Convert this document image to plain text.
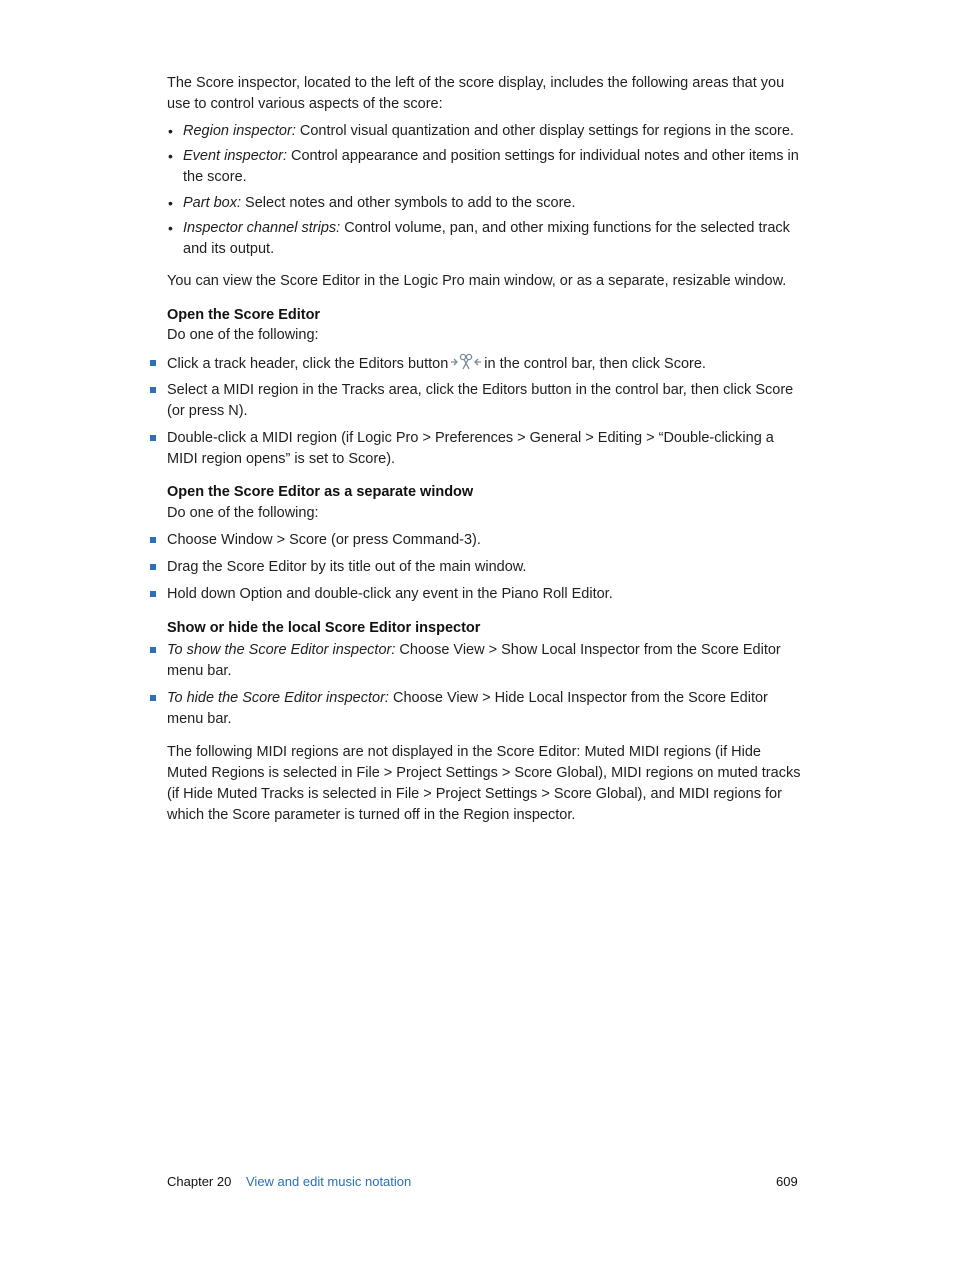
The Score inspector, located to the left of the score display, includes the following areas that you use to control various aspects of the score:

• Region inspector: Control visual quantization and other display settings for regions in the score.

• Event inspector: Control appearance and position settings for individual notes and other items in the score.

• Part box: Select notes and other symbols to add to the score.

• Inspector channel strips: Control volume, pan, and other mixing functions for the selected track and its output.

You can view the Score Editor in the Logic Pro main window, or as a separate, resizable window.

Open the Score Editor

Do one of the following:

Click a track header, click the Editors button in the control bar, then click Score.

Select a MIDI region in the Tracks area, click the Editors button in the control bar, then click Score (or press N).

Double-click a MIDI region (if Logic Pro > Preferences > General > Editing > “Double-clicking a MIDI region opens” is set to Score).

Open the Score Editor as a separate window

Do one of the following:

Choose Window > Score (or press Command-3).

Drag the Score Editor by its title out of the main window.

Hold down Option and double-click any event in the Piano Roll Editor.

Show or hide the local Score Editor inspector

To show the Score Editor inspector: Choose View > Show Local Inspector from the Score Editor menu bar.

To hide the Score Editor inspector: Choose View > Hide Local Inspector from the Score Editor menu bar.

The following MIDI regions are not displayed in the Score Editor: Muted MIDI regions (if Hide Muted Regions is selected in File > Project Settings > Score Global), MIDI regions on muted tracks (if Hide Muted Tracks is selected in File > Project Settings > Score Global), and MIDI regions for which the Score parameter is turned off in the Region inspector.

Chapter 20 View and edit music notation	609
